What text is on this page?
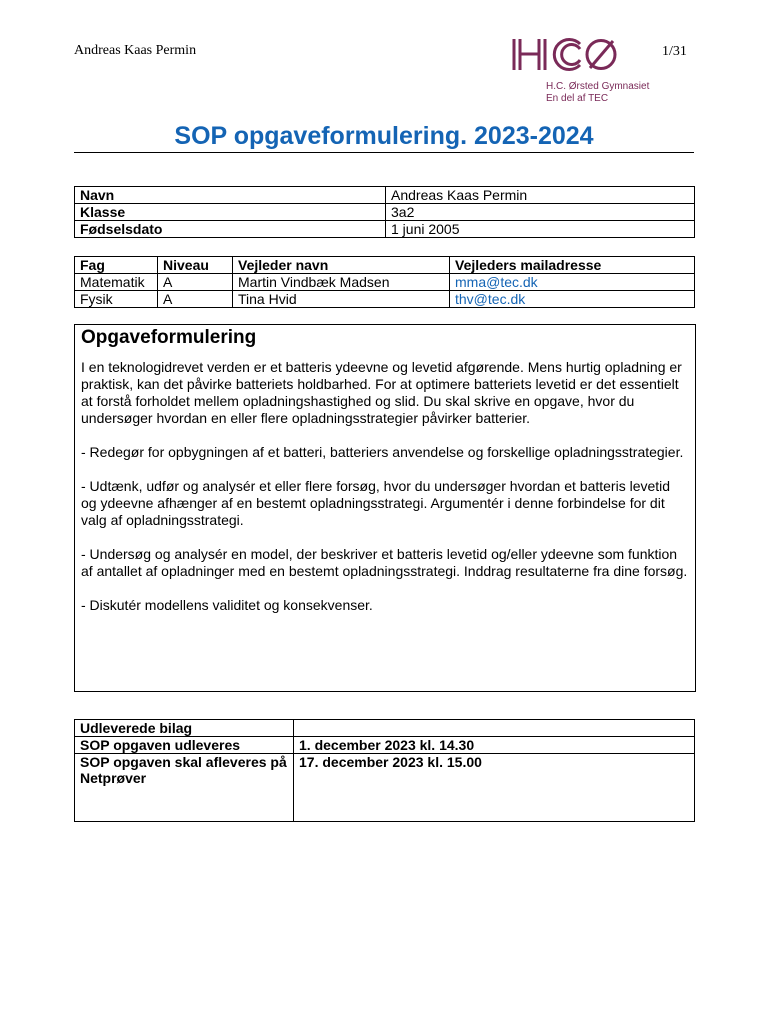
Andreas Kaas Permin
H.C. Ørsted Gymnasiet
En del af TEC
1/31
SOP opgaveformulering. 2023-2024
Navn	Andreas Kaas Permin
Klasse	3a2
Fødselsdato	1 juni 2005
Fag	Niveau	Vejleder navn	Vejleders mailadresse
Matematik	A	Martin Vindbæk Madsen	mma@tec.dk
Fysik	A	Tina Hvid	thv@tec.dk
Opgaveformulering

I en teknologidrevet verden er et batteris ydeevne og levetid afgørende. Mens hurtig opladning er praktisk, kan det påvirke batteriets holdbarhed. For at optimere batteriets levetid er det essentielt at forstå forholdet mellem opladningshastighed og slid. Du skal skrive en opgave, hvor du undersøger hvordan en eller flere opladningsstrategier påvirker batterier.

- Redegør for opbygningen af et batteri, batteriers anvendelse og forskellige opladningsstrategier.

- Udtænk, udfør og analysér et eller flere forsøg, hvor du undersøger hvordan et batteris levetid og ydeevne afhænger af en bestemt opladningsstrategi. Argumentér i denne forbindelse for dit valg af opladningsstrategi.

- Undersøg og analysér en model, der beskriver et batteris levetid og/eller ydeevne som funktion af antallet af opladninger med en bestemt opladningsstrategi. Inddrag resultaterne fra dine forsøg.

- Diskutér modellens validitet og konsekvenser.

Udleverede bilag	
SOP opgaven udleveres	1. december 2023 kl. 14.30
SOP opgaven skal afleveres på Netprøver	17. december 2023 kl. 15.00
